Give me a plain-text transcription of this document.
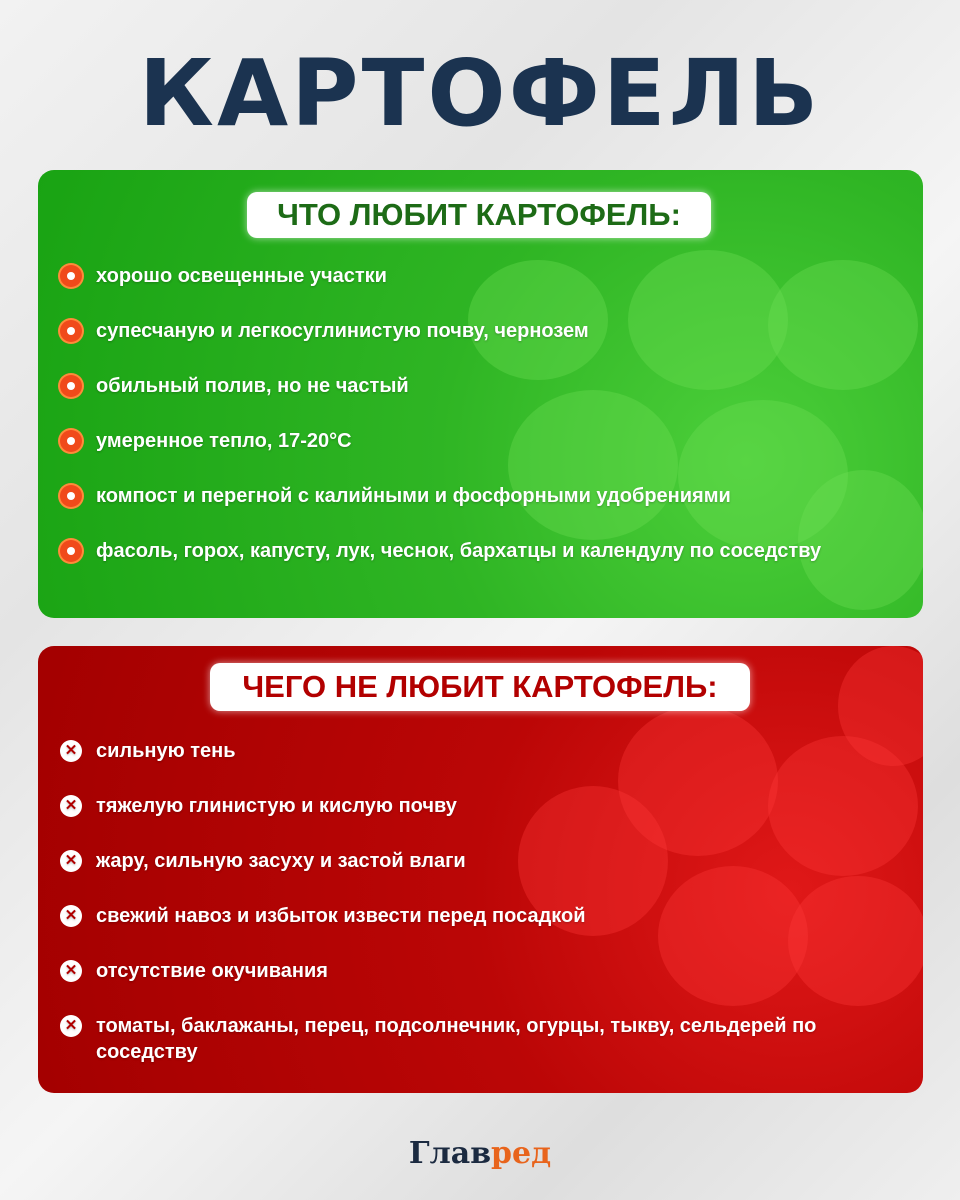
КАРТОФЕЛЬ
ЧТО ЛЮБИТ КАРТОФЕЛЬ:
хорошо освещенные участки
супесчаную и легкосуглинистую почву, чернозем
обильный полив, но не частый
умеренное тепло, 17-20°C
компост и перегной с калийными и фосфорными удобрениями
фасоль, горох, капусту, лук, чеснок, бархатцы и календулу по соседству
ЧЕГО НЕ ЛЮБИТ КАРТОФЕЛЬ:
✕ сильную тень
✕ тяжелую глинистую и кислую почву
✕ жару, сильную засуху и застой влаги
✕ свежий навоз и избыток извести перед посадкой
✕ отсутствие окучивания
✕ томаты, баклажаны, перец, подсолнечник, огурцы, тыкву, сельдерей по соседству
Главред
